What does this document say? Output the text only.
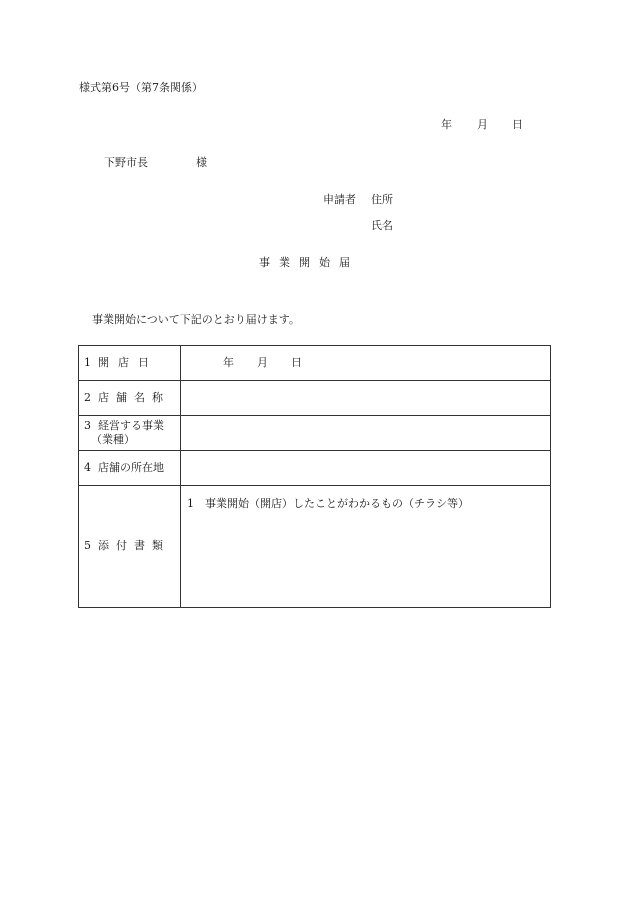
様式第6号（第7条関係）
年 月 日
下野市長	様
申請者 住所
氏名
事業開始届
事業開始について下記のとおり届けます。
1 開店日	年 月 日
2 店舗名称	
3 経営する事業
（業種）	
4 店舗の所在地	
5 添付書類	1　事業開始（開店）したことがわかるもの（チラシ等）
